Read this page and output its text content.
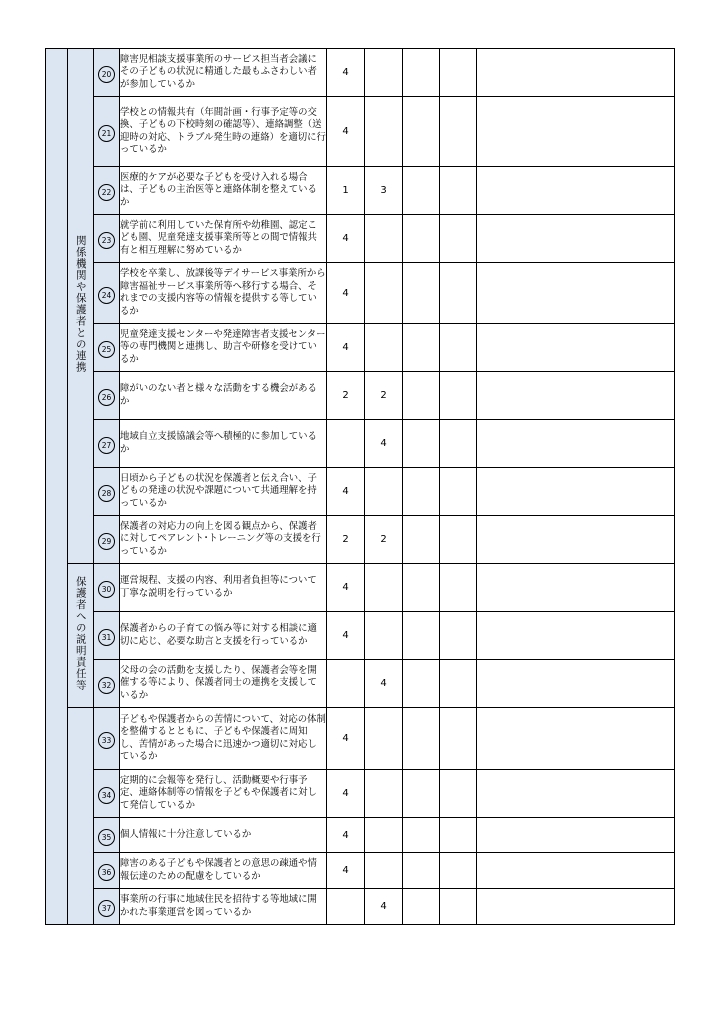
	関係機関や保護者との連携	20	障害児相談支援事業所のサービス担当者会議にその子どもの状況に精通した最もふさわしい者が参加しているか	4				
		21	学校との情報共有（年間計画・行事予定等の交換、子どもの下校時刻の確認等）、連絡調整（送迎時の対応、トラブル発生時の連絡）を適切に行っているか	4				
		22	医療的ケアが必要な子どもを受け入れる場合は、子どもの主治医等と連絡体制を整えているか	1	3			
		23	就学前に利用していた保育所や幼稚園、認定こども園、児童発達支援事業所等との間で情報共有と相互理解に努めているか	4				
		24	学校を卒業し、放課後等デイサービス事業所から障害福祉サービス事業所等へ移行する場合、それまでの支援内容等の情報を提供する等しているか	4				
		25	児童発達支援センターや発達障害者支援センター等の専門機関と連携し、助言や研修を受けているか	4				
		26	障がいのない者と様々な活動をする機会があるか	2	2			
		27	地域自立支援協議会等へ積極的に参加しているか		4			
		28	日頃から子どもの状況を保護者と伝え合い、子どもの発達の状況や課題について共通理解を持っているか	4				
		29	保護者の対応力の向上を図る観点から、保護者に対してペアレント･トレーニング等の支援を行っているか	2	2			
	保護者への説明責任等	30	運営規程、支援の内容、利用者負担等について丁寧な説明を行っているか	4				
		31	保護者からの子育ての悩み等に対する相談に適切に応じ、必要な助言と支援を行っているか	4				
		32	父母の会の活動を支援したり、保護者会等を開催する等により、保護者同士の連携を支援しているか		4			
		33	子どもや保護者からの苦情について、対応の体制を整備するとともに、子どもや保護者に周知し、苦情があった場合に迅速かつ適切に対応しているか	4				
		34	定期的に会報等を発行し、活動概要や行事予定、連絡体制等の情報を子どもや保護者に対して発信しているか	4				
		35	個人情報に十分注意しているか	4				
		36	障害のある子どもや保護者との意思の疎通や情報伝達のための配慮をしているか	4				
		37	事業所の行事に地域住民を招待する等地域に開かれた事業運営を図っているか		4			
